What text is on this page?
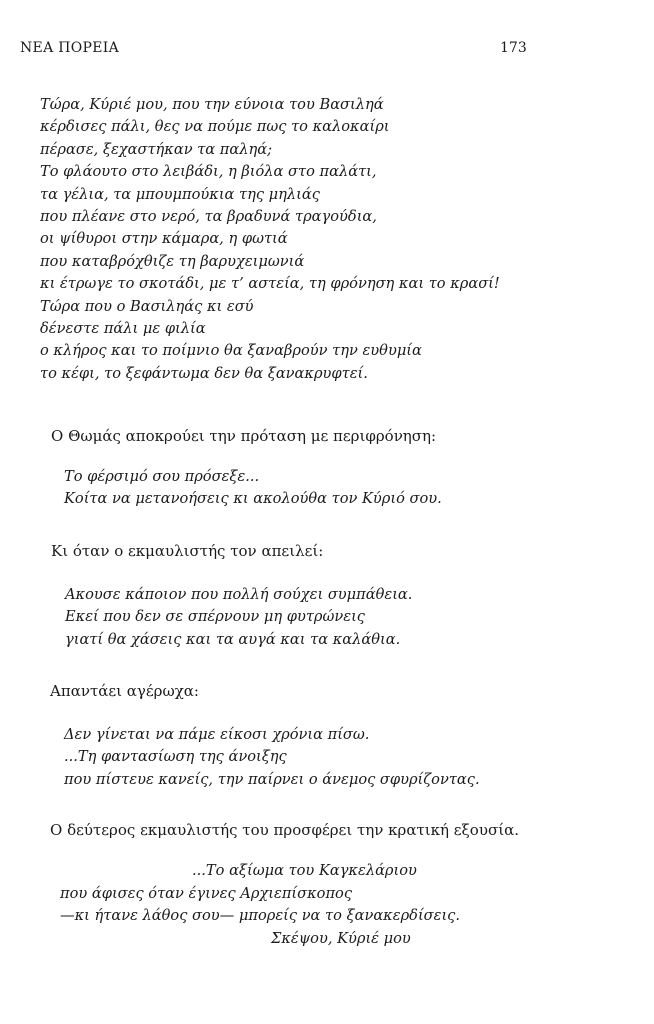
ΝΕΑ ΠΟΡΕΙΑ	173
Τώρα, Κύριέ μου, που την εύνοια του Βασιληά
κέρδισες πάλι, θες να πούμε πως το καλοκαίρι
πέρασε, ξεχαστήκαν τα παληά;
Το φλάουτο στο λειβάδι, η βιόλα στο παλάτι,
τα γέλια, τα μπουμπούκια της μηλιάς
που πλέανε στο νερό, τα βραδυνά τραγούδια,
οι ψίθυροι στην κάμαρα, η φωτιά
που καταβρόχθιζε τη βαρυχειμωνιά
κι έτρωγε το σκοτάδι, με τ’ αστεία, τη φρόνηση και το κρασί!
Τώρα που ο Βασιληάς κι εσύ
δένεστε πάλι με φιλία
ο κλήρος και το ποίμνιο θα ξαναβρούν την ευθυμία
το κέφι, το ξεφάντωμα δεν θα ξανακρυφτεί.
Ο Θωμάς αποκρούει την πρόταση με περιφρόνηση:
Το φέρσιμό σου πρόσεξε...
Κοίτα να μετανοήσεις κι ακολούθα τον Κύριό σου.
Κι όταν ο εκμαυλιστής τον απειλεί:
Ακουσε κάποιον που πολλή σούχει συμπάθεια.
Εκεί που δεν σε σπέρνουν μη φυτρώνεις
γιατί θα χάσεις και τα αυγά και τα καλάθια.
Απαντάει αγέρωχα:
Δεν γίνεται να πάμε είκοσι χρόνια πίσω.
...Τη φαντασίωση της άνοιξης
που πίστευε κανείς, την παίρνει ο άνεμος σφυρίζοντας.
Ο δεύτερος εκμαυλιστής του προσφέρει την κρατική εξουσία.
...Το αξίωμα του Καγκελάριου
που άφισες όταν έγινες Αρχιεπίσκοπος
—κι ήτανε λάθος σου— μπορείς να το ξανακερδίσεις.
Σκέψου, Κύριέ μου
